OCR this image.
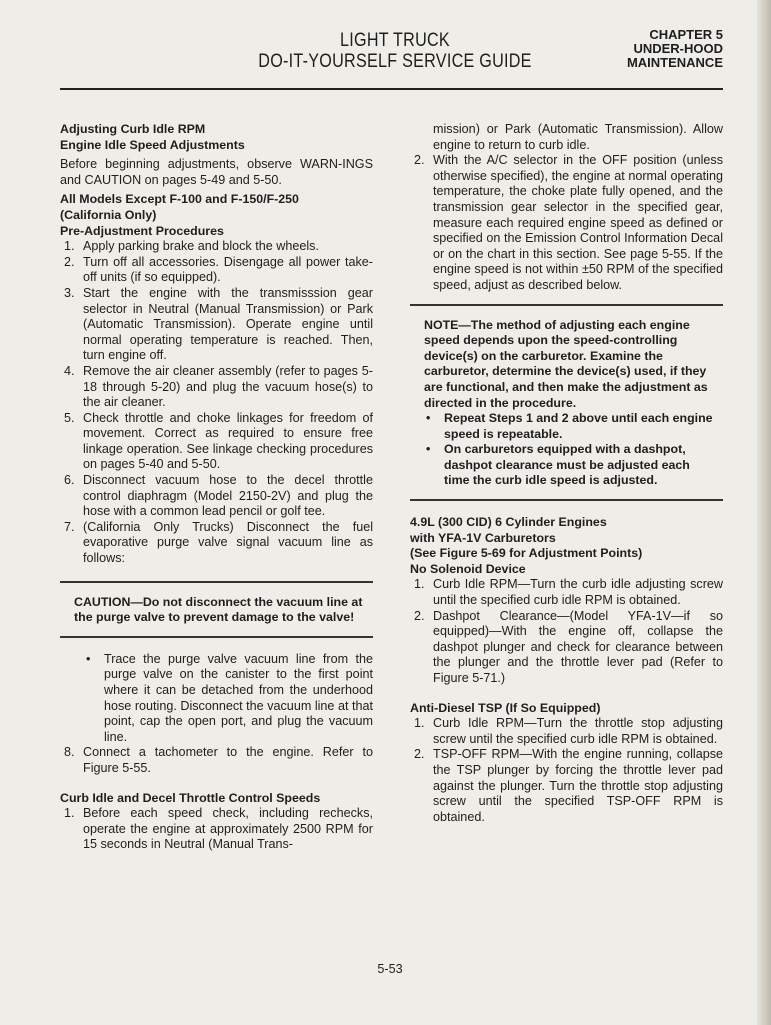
LIGHT TRUCK
DO-IT-YOURSELF SERVICE GUIDE
CHAPTER 5
UNDER-HOOD
MAINTENANCE
Adjusting Curb Idle RPM
Engine Idle Speed Adjustments

Before beginning adjustments, observe WARN-INGS and CAUTION on pages 5-49 and 5-50.

All Models Except F-100 and F-150/F-250
(California Only)
Pre-Adjustment Procedures
1. Apply parking brake and block the wheels.
2. Turn off all accessories. Disengage all power take-off units (if so equipped).
3. Start the engine with the transmisssion gear selector in Neutral (Manual Transmission) or Park (Automatic Transmission). Operate engine until normal operating temperature is reached. Then, turn engine off.
4. Remove the air cleaner assembly (refer to pages 5-18 through 5-20) and plug the vacuum hose(s) to the air cleaner.
5. Check throttle and choke linkages for freedom of movement. Correct as required to ensure free linkage operation. See linkage checking procedures on pages 5-40 and 5-50.
6. Disconnect vacuum hose to the decel throttle control diaphragm (Model 2150-2V) and plug the hose with a common lead pencil or golf tee.
7. (California Only Trucks) Disconnect the fuel evaporative purge valve signal vacuum line as follows:
CAUTION—Do not disconnect the vacuum line at the purge valve to prevent damage to the valve!
• Trace the purge valve vacuum line from the purge valve on the canister to the first point where it can be detached from the underhood hose routing. Disconnect the vacuum line at that point, cap the open port, and plug the vacuum line.
8. Connect a tachometer to the engine. Refer to Figure 5-55.
Curb Idle and Decel Throttle Control Speeds
1. Before each speed check, including rechecks, operate the engine at approximately 2500 RPM for 15 seconds in Neutral (Manual Trans-
mission) or Park (Automatic Transmission). Allow engine to return to curb idle.
2. With the A/C selector in the OFF position (unless otherwise specified), the engine at normal operating temperature, the choke plate fully opened, and the transmission gear selector in the specified gear, measure each required engine speed as defined or specified on the Emission Control Information Decal or on the chart in this section. See page 5-55. If the engine speed is not within ±50 RPM of the specified speed, adjust as described below.
NOTE—The method of adjusting each engine speed depends upon the speed-controlling device(s) on the carburetor. Examine the carburetor, determine the device(s) used, if they are functional, and then make the adjustment as directed in the procedure.
• Repeat Steps 1 and 2 above until each engine speed is repeatable.
• On carburetors equipped with a dashpot, dashpot clearance must be adjusted each time the curb idle speed is adjusted.
4.9L (300 CID) 6 Cylinder Engines
with YFA-1V Carburetors
(See Figure 5-69 for Adjustment Points)
No Solenoid Device
1. Curb Idle RPM—Turn the curb idle adjusting screw until the specified curb idle RPM is obtained.
2. Dashpot Clearance—(Model YFA-1V—if so equipped)—With the engine off, collapse the dashpot plunger and check for clearance between the plunger and the throttle lever pad (Refer to Figure 5-71.)
Anti-Diesel TSP (If So Equipped)
1. Curb Idle RPM—Turn the throttle stop adjusting screw until the specified curb idle RPM is obtained.
2. TSP-OFF RPM—With the engine running, collapse the TSP plunger by forcing the throttle lever pad against the plunger. Turn the throttle stop adjusting screw until the specified TSP-OFF RPM is obtained.
5-53
